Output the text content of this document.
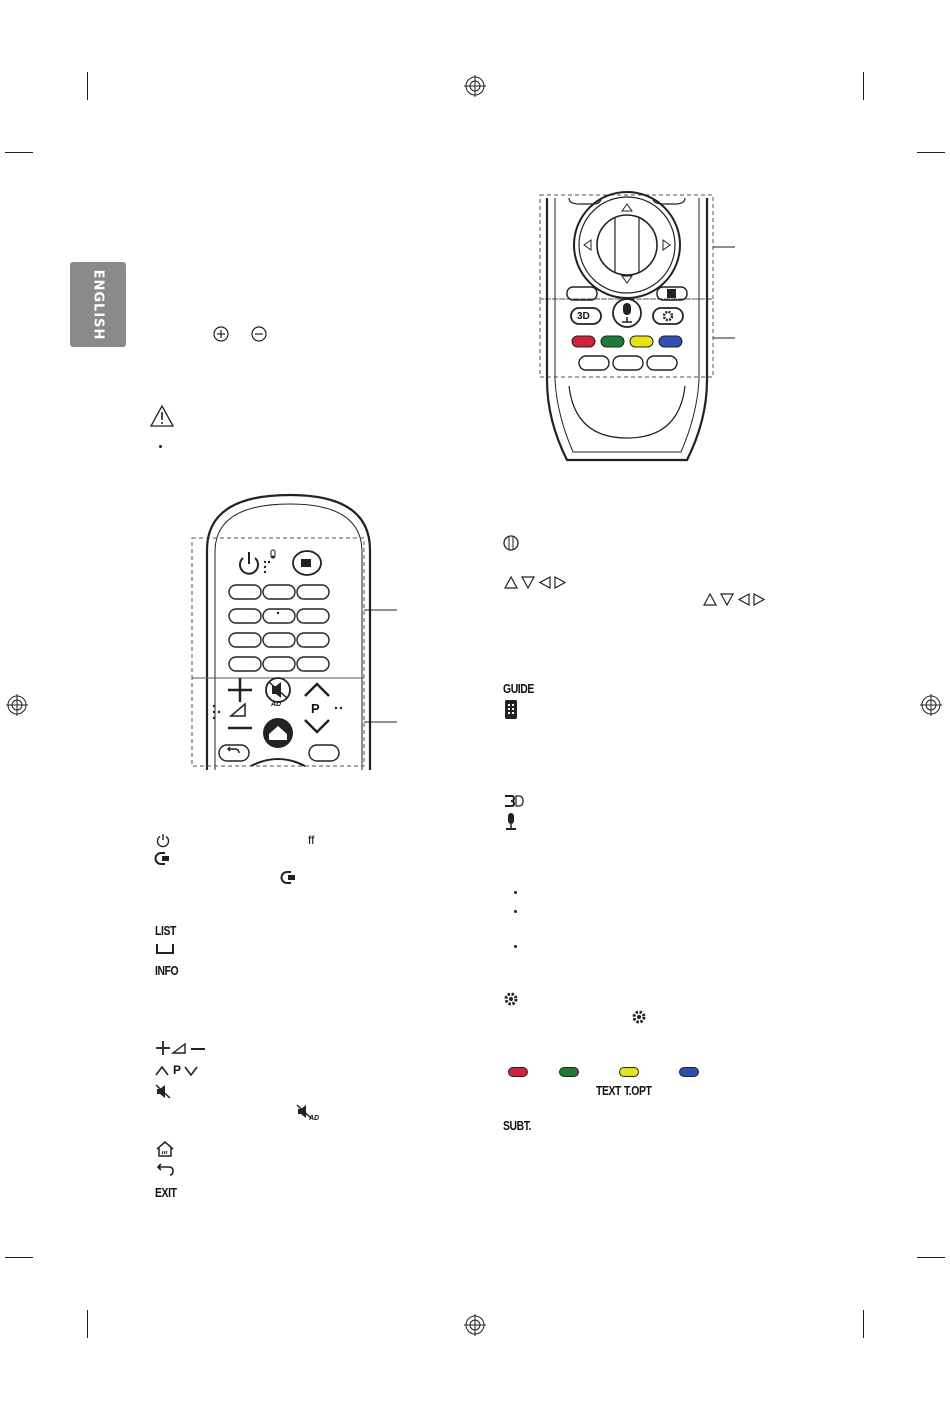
ENGLISH
P
AD
3D
ff
LIST
INFO
P
AD
EXIT
GUIDE
TEXT T.OPT
SUBT.
